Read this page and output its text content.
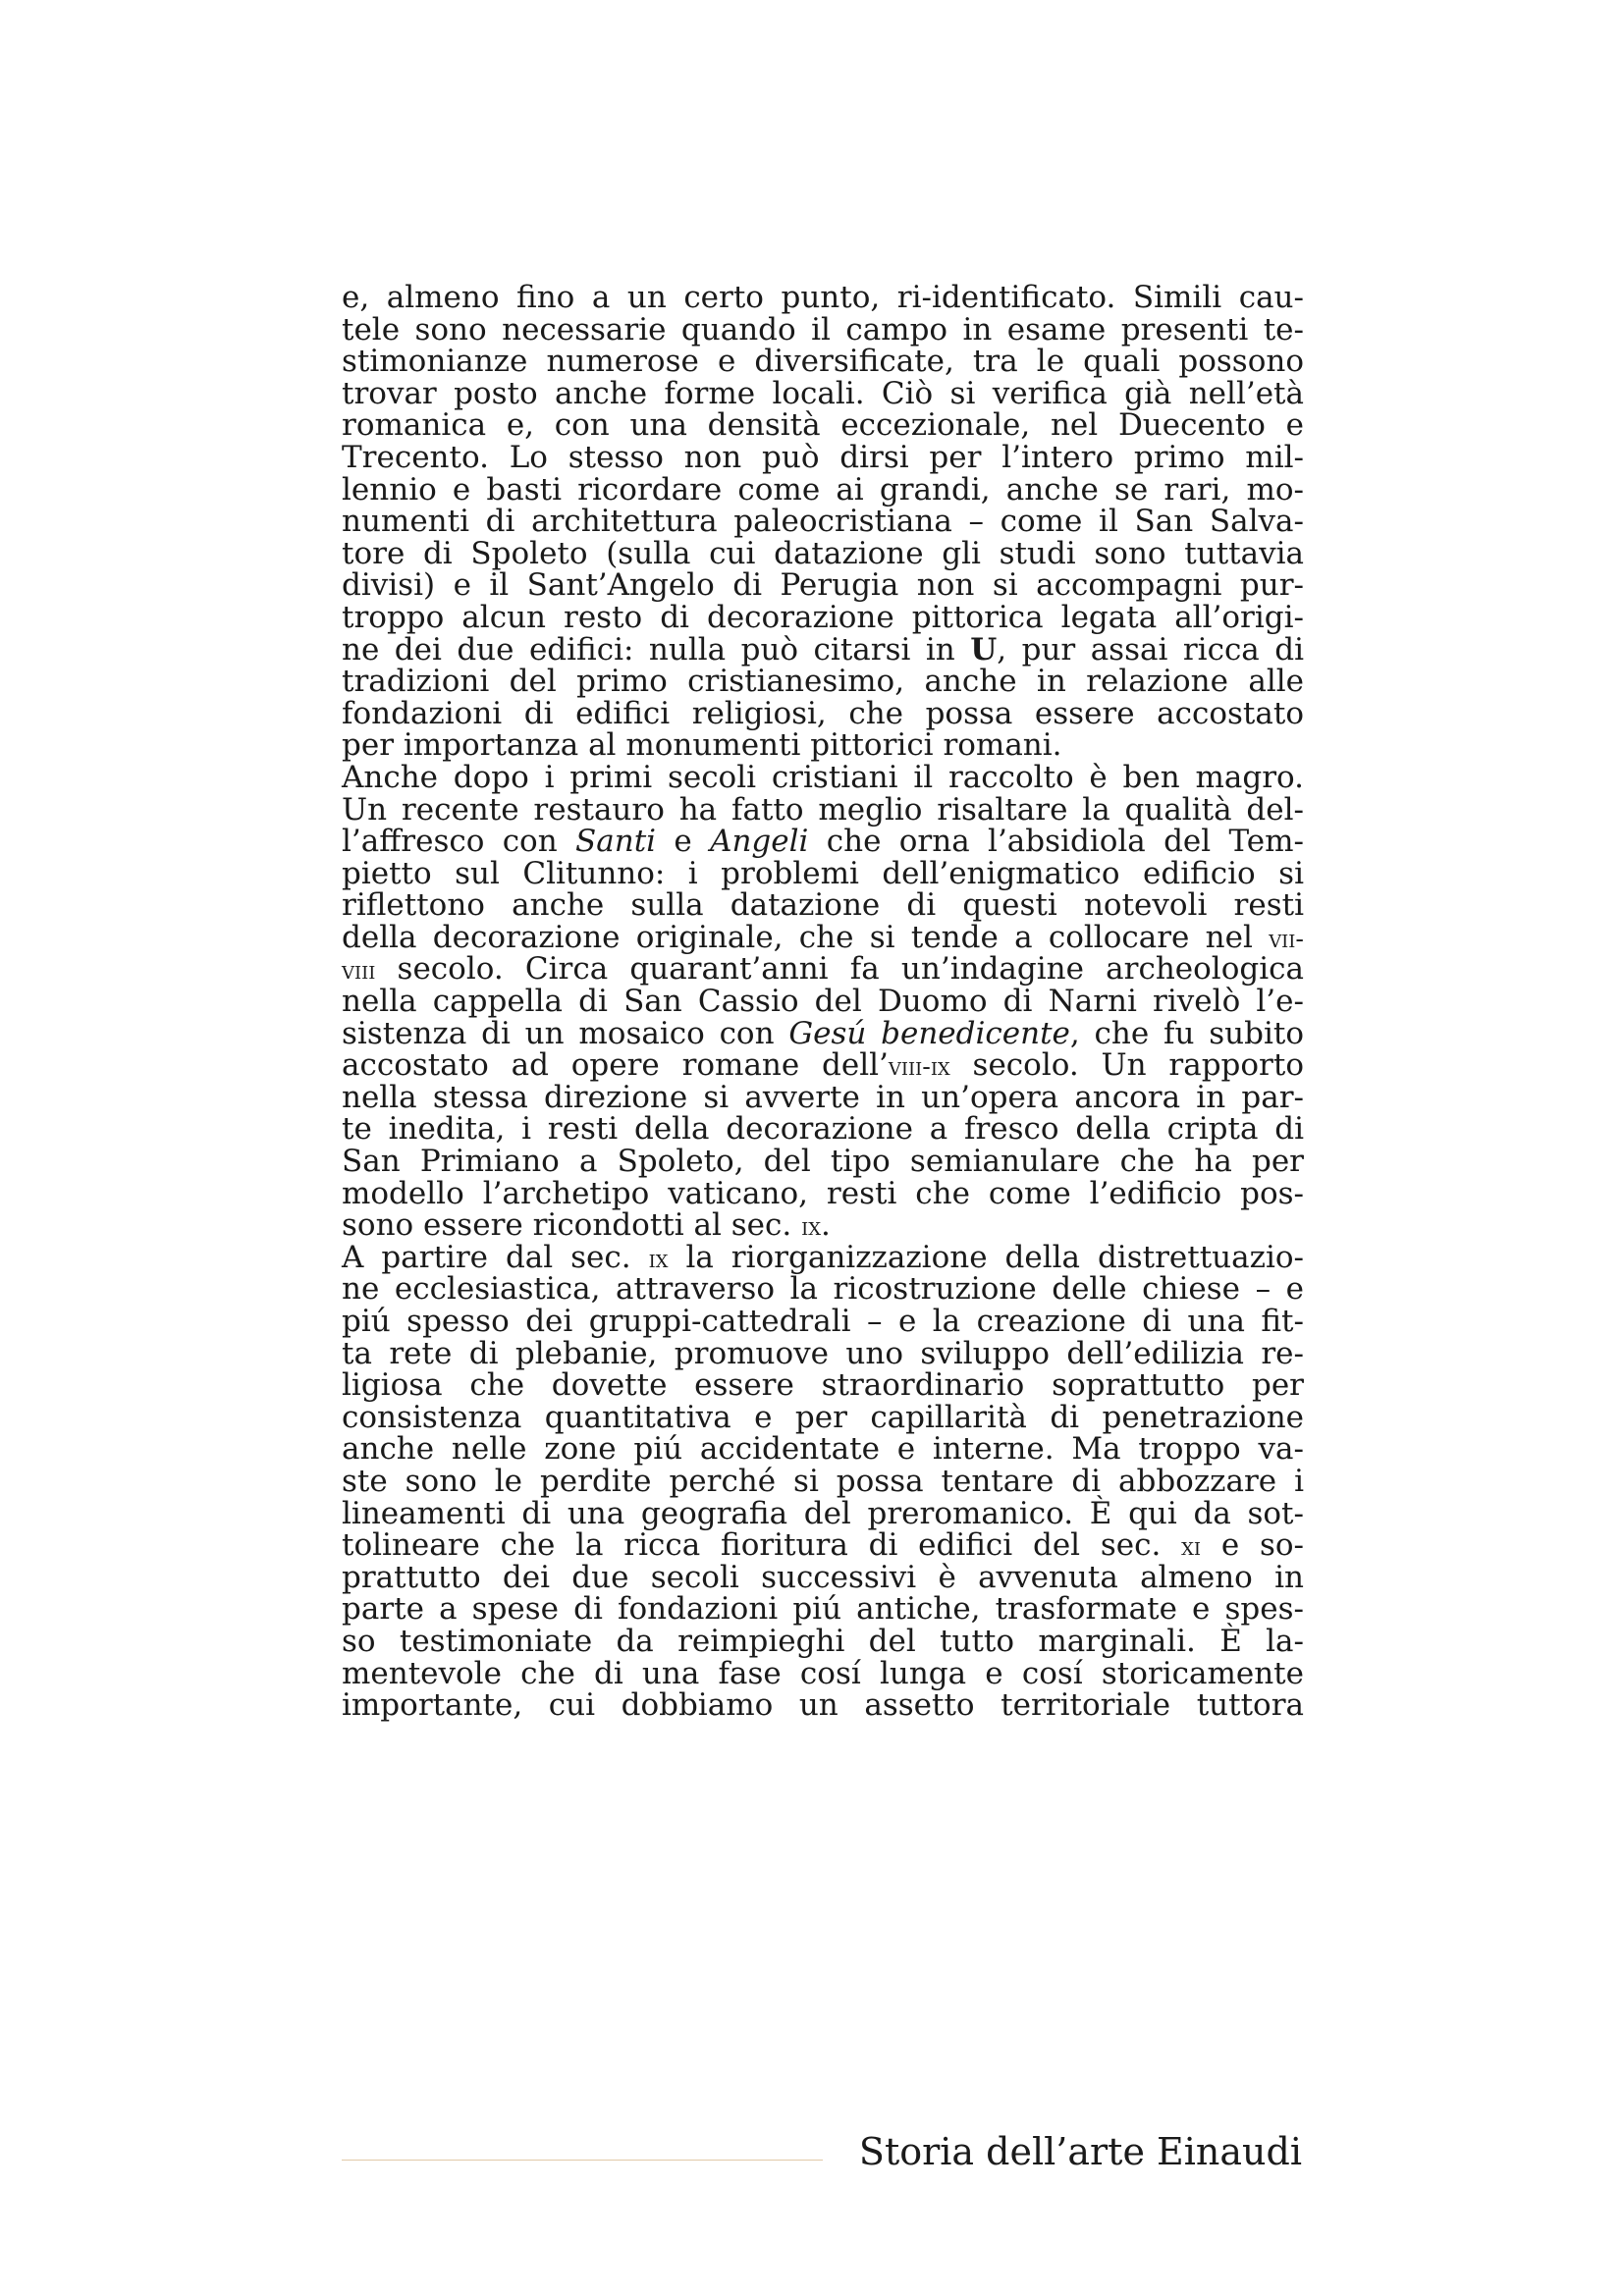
e, almeno fino a un certo punto, ri-identificato. Simili cau-
tele sono necessarie quando il campo in esame presenti te-
stimonianze numerose e diversificate, tra le quali possono
trovar posto anche forme locali. Ciò si verifica già nell’età
romanica e, con una densità eccezionale, nel Duecento e
Trecento. Lo stesso non può dirsi per l’intero primo mil-
lennio e basti ricordare come ai grandi, anche se rari, mo-
numenti di architettura paleocristiana – come il San Salva-
tore di Spoleto (sulla cui datazione gli studi sono tuttavia
divisi) e il Sant’Angelo di Perugia non si accompagni pur-
troppo alcun resto di decorazione pittorica legata all’origi-
ne dei due edifici: nulla può citarsi in U, pur assai ricca di
tradizioni del primo cristianesimo, anche in relazione alle
fondazioni di edifici religiosi, che possa essere accostato
per importanza al monumenti pittorici romani.
Anche dopo i primi secoli cristiani il raccolto è ben magro.
Un recente restauro ha fatto meglio risaltare la qualità del-
l’affresco con Santi e Angeli che orna l’absidiola del Tem-
pietto sul Clitunno: i problemi dell’enigmatico edificio si
riflettono anche sulla datazione di questi notevoli resti
della decorazione originale, che si tende a collocare nel vii-
viii secolo. Circa quarant’anni fa un’indagine archeologica
nella cappella di San Cassio del Duomo di Narni rivelò l’e-
sistenza di un mosaico con Gesú benedicente, che fu subito
accostato ad opere romane dell’viii-ix secolo. Un rapporto
nella stessa direzione si avverte in un’opera ancora in par-
te inedita, i resti della decorazione a fresco della cripta di
San Primiano a Spoleto, del tipo semianulare che ha per
modello l’archetipo vaticano, resti che come l’edificio pos-
sono essere ricondotti al sec. ix.
A partire dal sec. ix la riorganizzazione della distrettuazio-
ne ecclesiastica, attraverso la ricostruzione delle chiese – e
piú spesso dei gruppi-cattedrali – e la creazione di una fit-
ta rete di plebanie, promuove uno sviluppo dell’edilizia re-
ligiosa che dovette essere straordinario soprattutto per
consistenza quantitativa e per capillarità di penetrazione
anche nelle zone piú accidentate e interne. Ma troppo va-
ste sono le perdite perché si possa tentare di abbozzare i
lineamenti di una geografia del preromanico. È qui da sot-
tolineare che la ricca fioritura di edifici del sec. xi e so-
prattutto dei due secoli successivi è avvenuta almeno in
parte a spese di fondazioni piú antiche, trasformate e spes-
so testimoniate da reimpieghi del tutto marginali. È la-
mentevole che di una fase cosí lunga e cosí storicamente
importante, cui dobbiamo un assetto territoriale tuttora
Storia dell’arte Einaudi
